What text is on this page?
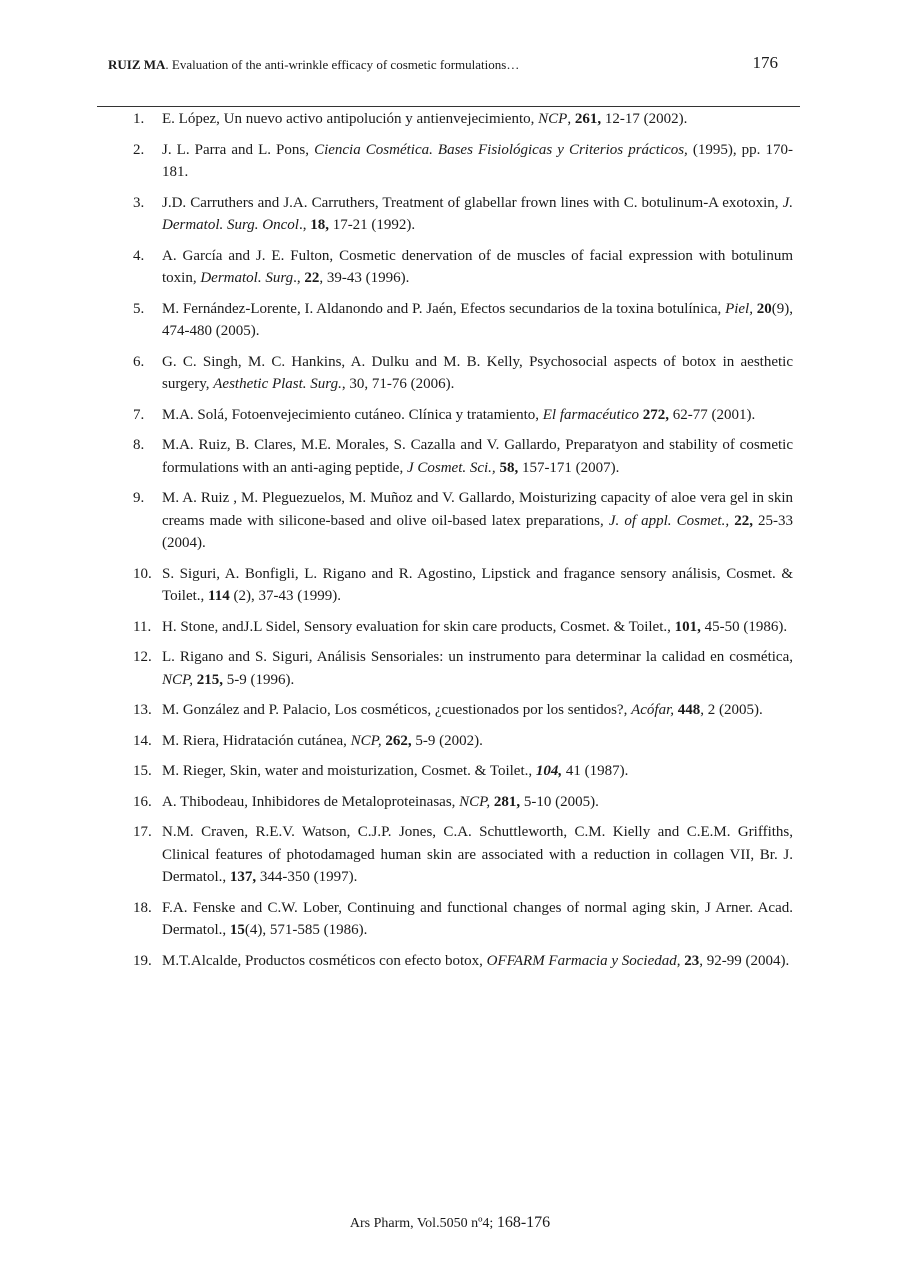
RUIZ MA. Evaluation of the anti-wrinkle efficacy of cosmetic formulations…	176
1. E. López, Un nuevo activo antipolución y antienvejecimiento, NCP, 261, 12-17 (2002).
2. J. L. Parra and L. Pons, Ciencia Cosmética. Bases Fisiológicas y Criterios prácticos, (1995), pp. 170-181.
3. J.D. Carruthers and J.A. Carruthers, Treatment of glabellar frown lines with C. botulinum-A exotoxin, J. Dermatol. Surg. Oncol., 18, 17-21 (1992).
4. A. García and J. E. Fulton, Cosmetic denervation of de muscles of facial expression with botulinum toxin, Dermatol. Surg., 22, 39-43 (1996).
5. M. Fernández-Lorente, I. Aldanondo and P. Jaén, Efectos secundarios de la toxina botulínica, Piel, 20(9), 474-480 (2005).
6. G. C. Singh, M. C. Hankins, A. Dulku and M. B. Kelly, Psychosocial aspects of botox in aesthetic surgery, Aesthetic Plast. Surg., 30, 71-76 (2006).
7. M.A. Solá, Fotoenvejecimiento cutáneo. Clínica y tratamiento, El farmacéutico 272, 62-77 (2001).
8. M.A. Ruiz, B. Clares, M.E. Morales, S. Cazalla and V. Gallardo, Preparatyon and stability of cosmetic formulations with an anti-aging peptide, J Cosmet. Sci., 58, 157-171 (2007).
9. M. A. Ruiz , M. Pleguezuelos, M. Muñoz and V. Gallardo, Moisturizing capacity of aloe vera gel in skin creams made with silicone-based and olive oil-based latex preparations, J. of appl. Cosmet., 22, 25-33 (2004).
10. S. Siguri, A. Bonfigli, L. Rigano and R. Agostino, Lipstick and fragance sensory análisis, Cosmet. & Toilet., 114 (2), 37-43 (1999).
11. H. Stone, andJ.L Sidel, Sensory evaluation for skin care products, Cosmet. & Toilet., 101, 45-50 (1986).
12. L. Rigano and S. Siguri, Análisis Sensoriales: un instrumento para determinar la calidad en cosmética, NCP, 215, 5-9 (1996).
13. M. González and P. Palacio, Los cosméticos, ¿cuestionados por los sentidos?, Acófar, 448, 2 (2005).
14. M. Riera, Hidratación cutánea, NCP, 262, 5-9 (2002).
15. M. Rieger, Skin, water and moisturization, Cosmet. & Toilet., 104, 41 (1987).
16. A. Thibodeau, Inhibidores de Metaloproteinasas, NCP, 281, 5-10 (2005).
17. N.M. Craven, R.E.V. Watson, C.J.P. Jones, C.A. Schuttleworth, C.M. Kielly and C.E.M. Griffiths, Clinical features of photodamaged human skin are associated with a reduction in collagen VII, Br. J. Dermatol., 137, 344-350 (1997).
18. F.A. Fenske and C.W. Lober, Continuing and functional changes of normal aging skin, J Arner. Acad. Dermatol., 15(4), 571-585 (1986).
19. M.T.Alcalde, Productos cosméticos con efecto botox, OFFARM Farmacia y Sociedad, 23, 92-99 (2004).
Ars Pharm, Vol.5050 nº4; 168-176
